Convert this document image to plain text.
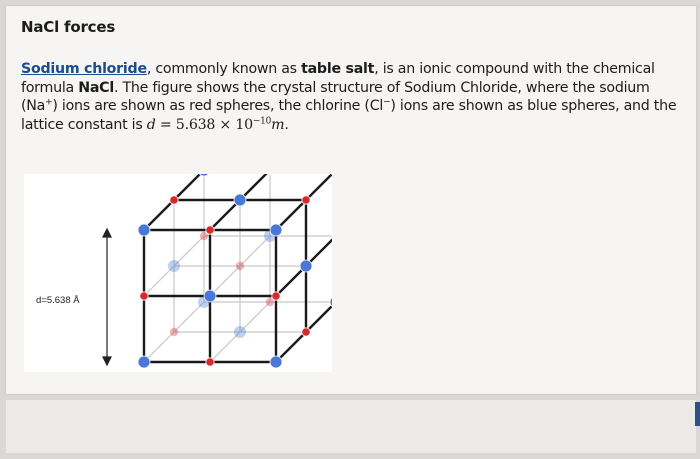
NaCl forces
Sodium chloride, commonly known as table salt, is an ionic compound with the chemical formula NaCl. The figure shows the crystal structure of Sodium Chloride, where the sodium (Na+) ions are shown as red spheres, the chlorine (Cl−) ions are shown as blue spheres, and the lattice constant is $d = 5.638 \times 10^{-10}m$.
d=5.638 Å
